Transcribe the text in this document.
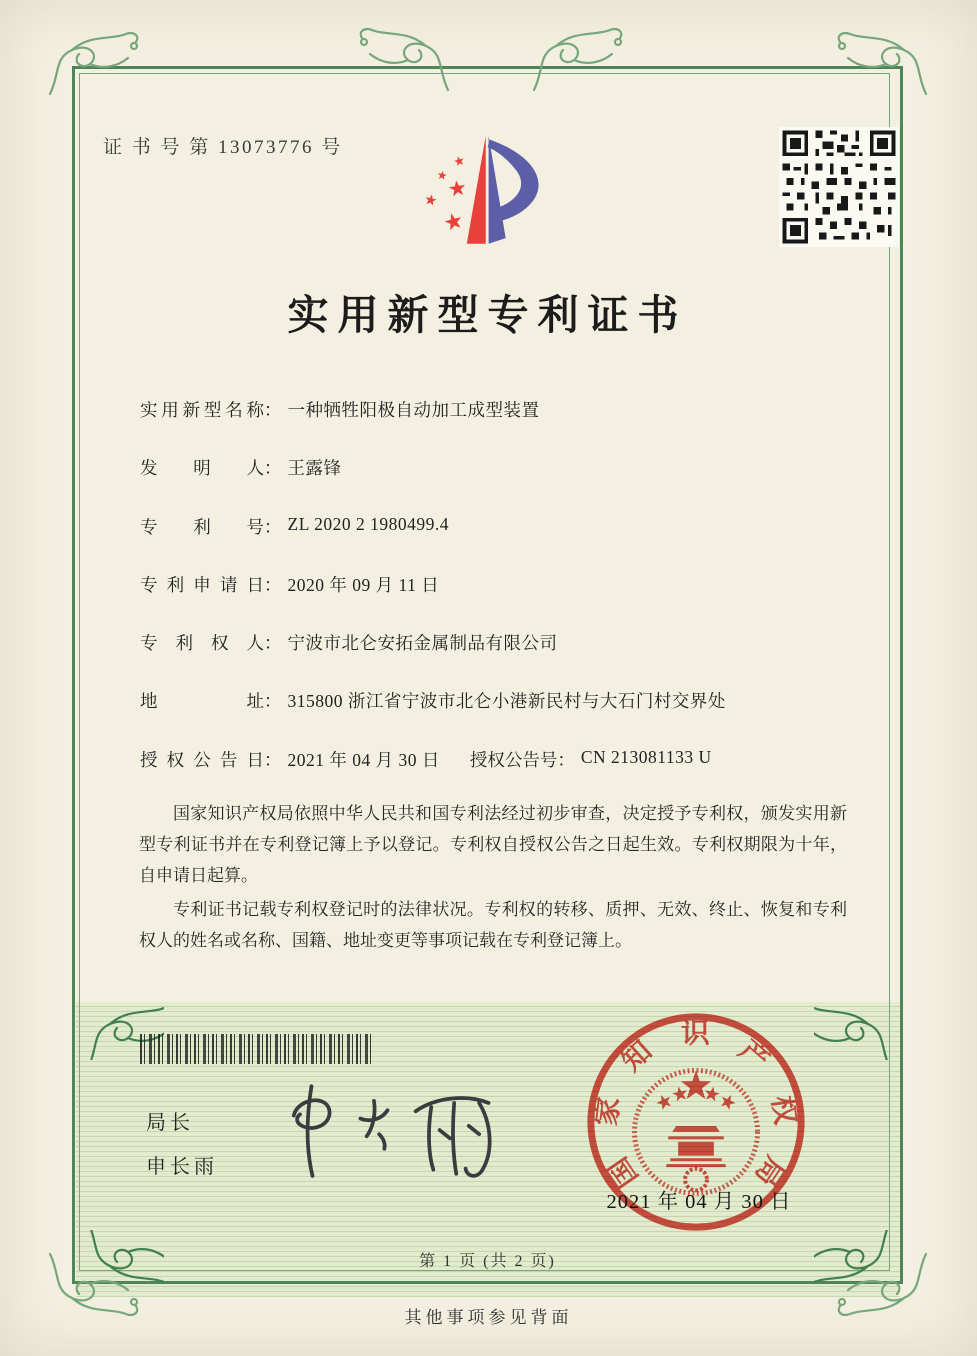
证 书 号 第 13073776 号
实用新型专利证书
实用新型名称： 一种牺牲阳极自动加工成型装置
发明人： 王露锋
专利号： ZL 2020 2 1980499.4
专利申请日： 2020 年 09 月 11 日
专利权人： 宁波市北仑安拓金属制品有限公司
地址： 315800 浙江省宁波市北仑小港新民村与大石门村交界处
授权公告日： 2021 年 04 月 30 日 授权公告号： CN 213081133 U

国家知识产权局依照中华人民共和国专利法经过初步审查，决定授予专利权，颁发实用新型专利证书并在专利登记簿上予以登记。专利权自授权公告之日起生效。专利权期限为十年，自申请日起算。

专利证书记载专利权登记时的法律状况。专利权的转移、质押、无效、终止、恢复和专利权人的姓名或名称、国籍、地址变更等事项记载在专利登记簿上。

局长
申长雨	国家知识产权局
2021 年 04 月 30 日
第 1 页 (共 2 页)
其他事项参见背面
